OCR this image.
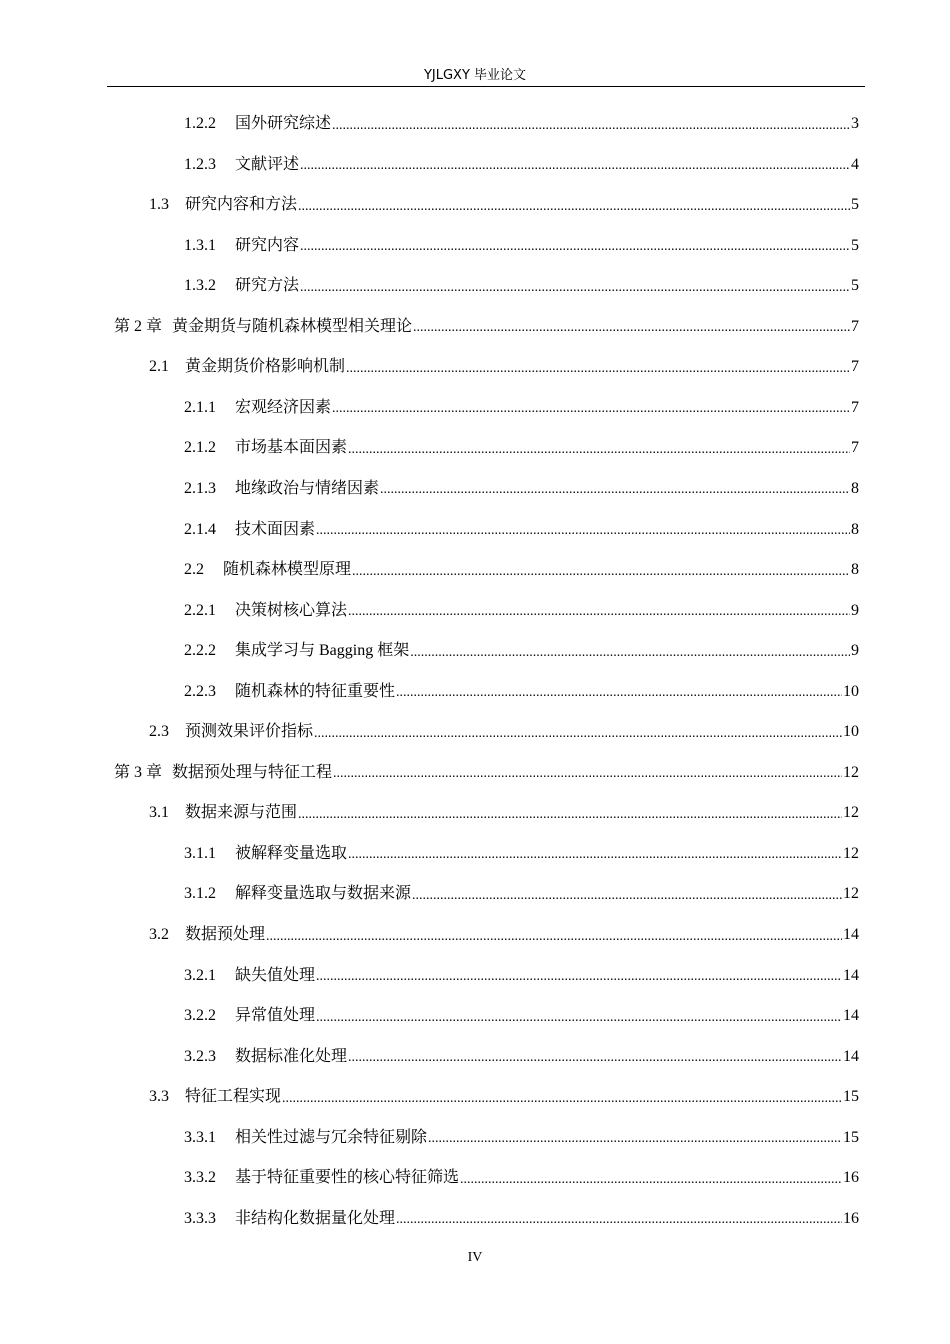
YJLGXY 毕业论文
1.2.2 国外研究综述 .....	3
1.2.3 文献评述 .....	4
1.3 研究内容和方法 .....	5
1.3.1 研究内容 .....	5
1.3.2 研究方法 .....	5
第 2 章 黄金期货与随机森林模型相关理论 .....	7
2.1 黄金期货价格影响机制 .....	7
2.1.1 宏观经济因素 .....	7
2.1.2 市场基本面因素 .....	7
2.1.3 地缘政治与情绪因素 .....	8
2.1.4 技术面因素 .....	8
2.2 随机森林模型原理 .....	8
2.2.1 决策树核心算法 .....	9
2.2.2 集成学习与 Bagging 框架 .....	9
2.2.3 随机森林的特征重要性 .....	10
2.3 预测效果评价指标 .....	10
第 3 章 数据预处理与特征工程 .....	12
3.1 数据来源与范围 .....	12
3.1.1 被解释变量选取 .....	12
3.1.2 解释变量选取与数据来源 .....	12
3.2 数据预处理 .....	14
3.2.1 缺失值处理 .....	14
3.2.2 异常值处理 .....	14
3.2.3 数据标准化处理 .....	14
3.3 特征工程实现 .....	15
3.3.1 相关性过滤与冗余特征剔除 .....	15
3.3.2 基于特征重要性的核心特征筛选 .....	16
3.3.3 非结构化数据量化处理 .....	16
IV
